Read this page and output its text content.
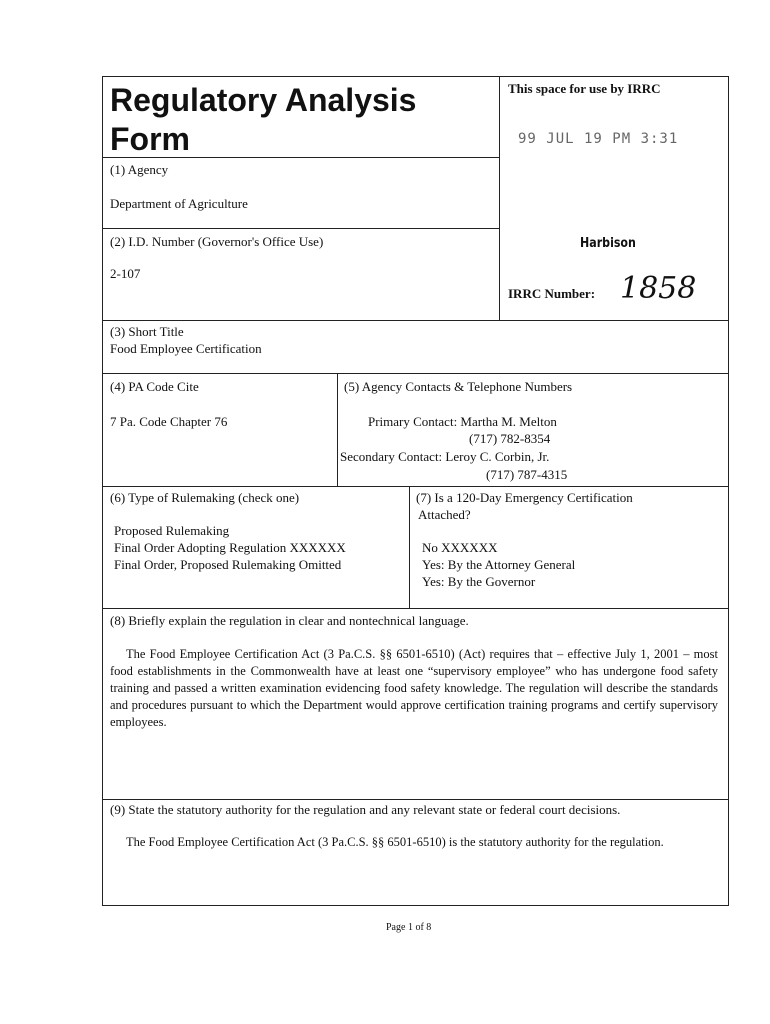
Regulatory Analysis
Form
This space for use by IRRC
99 JUL 19 PM 3:31
Harbison
IRRC Number: 1858
(1) Agency
Department of Agriculture
(2) I.D. Number (Governor's Office Use)
2-107
(3) Short Title
Food Employee Certification
(4) PA Code Cite
7 Pa. Code Chapter 76
(5) Agency Contacts & Telephone Numbers
Primary Contact: Martha M. Melton
(717) 782-8354
Secondary Contact: Leroy C. Corbin, Jr.
(717) 787-4315
(6) Type of Rulemaking (check one)
Proposed Rulemaking
Final Order Adopting Regulation XXXXXX
Final Order, Proposed Rulemaking Omitted
(7) Is a 120-Day Emergency Certification
Attached?
No XXXXXX
Yes: By the Attorney General
Yes: By the Governor
(8) Briefly explain the regulation in clear and nontechnical language.
The Food Employee Certification Act (3 Pa.C.S. §§ 6501-6510) (Act) requires that – effective July 1, 2001 – most food establishments in the Commonwealth have at least one “supervisory employee” who has undergone food safety training and passed a written examination evidencing food safety knowledge. The regulation will describe the standards and procedures pursuant to which the Department would approve certification training programs and certify supervisory employees.
(9) State the statutory authority for the regulation and any relevant state or federal court decisions.
The Food Employee Certification Act (3 Pa.C.S. §§ 6501-6510) is the statutory authority for the regulation.
Page 1 of 8
